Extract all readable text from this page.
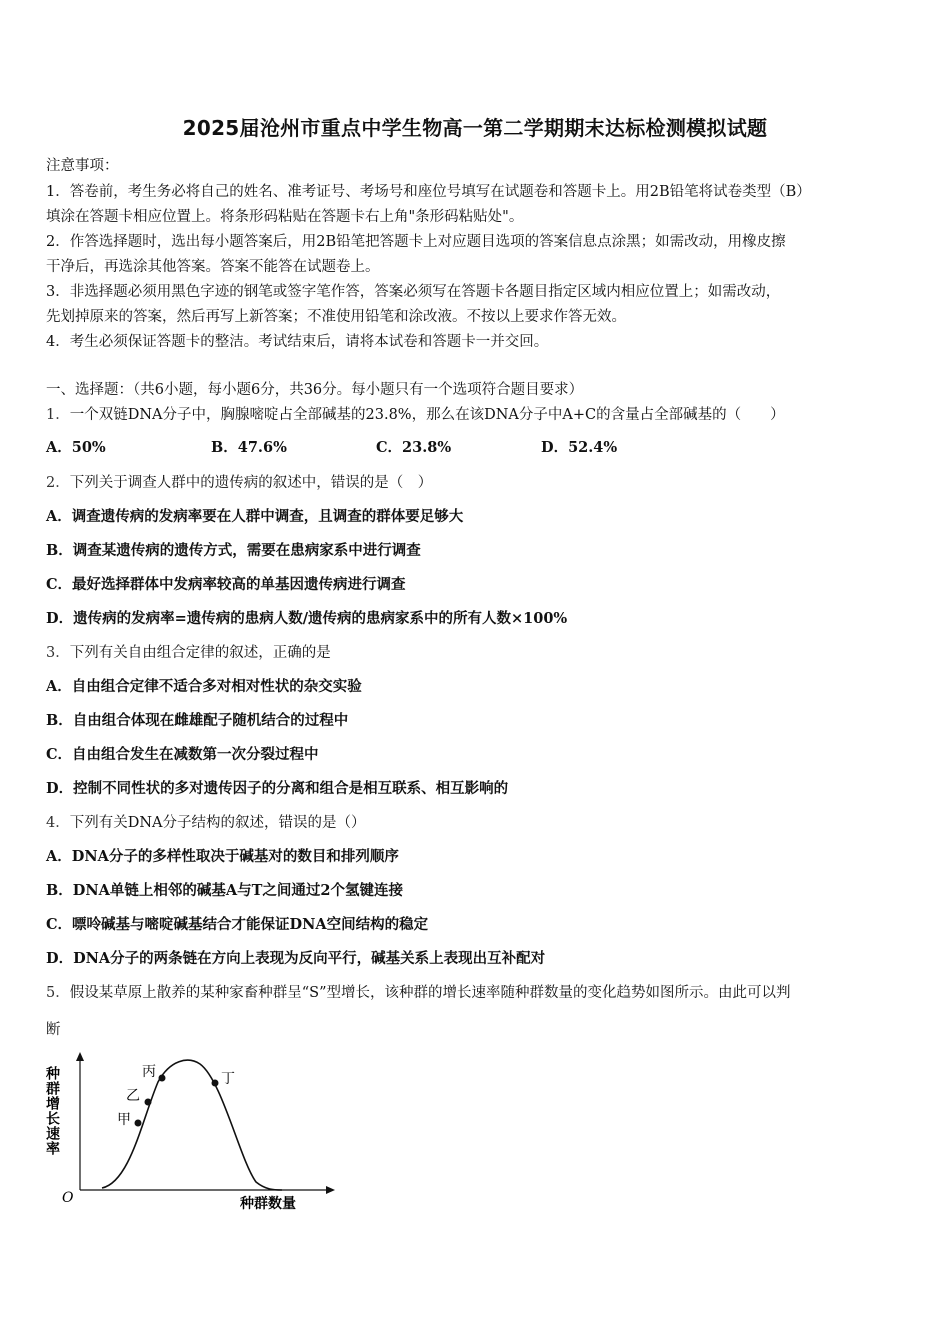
2025届沧州市重点中学生物高一第二学期期末达标检测模拟试题
注意事项：
1．答卷前，考生务必将自己的姓名、准考证号、考场号和座位号填写在试题卷和答题卡上。用2B铅笔将试卷类型（B）
填涂在答题卡相应位置上。将条形码粘贴在答题卡右上角"条形码粘贴处"。
2．作答选择题时，选出每小题答案后，用2B铅笔把答题卡上对应题目选项的答案信息点涂黑；如需改动，用橡皮擦
干净后，再选涂其他答案。答案不能答在试题卷上。
3．非选择题必须用黑色字迹的钢笔或签字笔作答，答案必须写在答题卡各题目指定区域内相应位置上；如需改动，
先划掉原来的答案，然后再写上新答案；不准使用铅笔和涂改液。不按以上要求作答无效。
4．考生必须保证答题卡的整洁。考试结束后，请将本试卷和答题卡一并交回。
一、选择题：（共6小题，每小题6分，共36分。每小题只有一个选项符合题目要求）
1．一个双链DNA分子中，胸腺嘧啶占全部碱基的23.8%，那么在该DNA分子中A+C的含量占全部碱基的（　　）
A．50%	B．47.6%	C．23.8%	D．52.4%
2．下列关于调查人群中的遗传病的叙述中，错误的是（　）
A．调查遗传病的发病率要在人群中调查，且调查的群体要足够大
B．调查某遗传病的遗传方式，需要在患病家系中进行调查
C．最好选择群体中发病率较高的单基因遗传病进行调查
D．遗传病的发病率=遗传病的患病人数/遗传病的患病家系中的所有人数×100%
3．下列有关自由组合定律的叙述，正确的是
A．自由组合定律不适合多对相对性状的杂交实验
B．自由组合体现在雌雄配子随机结合的过程中
C．自由组合发生在减数第一次分裂过程中
D．控制不同性状的多对遗传因子的分离和组合是相互联系、相互影响的
4．下列有关DNA分子结构的叙述，错误的是（）
A．DNA分子的多样性取决于碱基对的数目和排列顺序
B．DNA单链上相邻的碱基A与T之间通过2个氢键连接
C．嘌呤碱基与嘧啶碱基结合才能保证DNA空间结构的稳定
D．DNA分子的两条链在方向上表现为反向平行，碱基关系上表现出互补配对
5．假设某草原上散养的某种家畜种群呈“S”型增长，该种群的增长速率随种群数量的变化趋势如图所示。由此可以判
断
甲
乙
丙	丁
O	种群数量
种群增长速率
